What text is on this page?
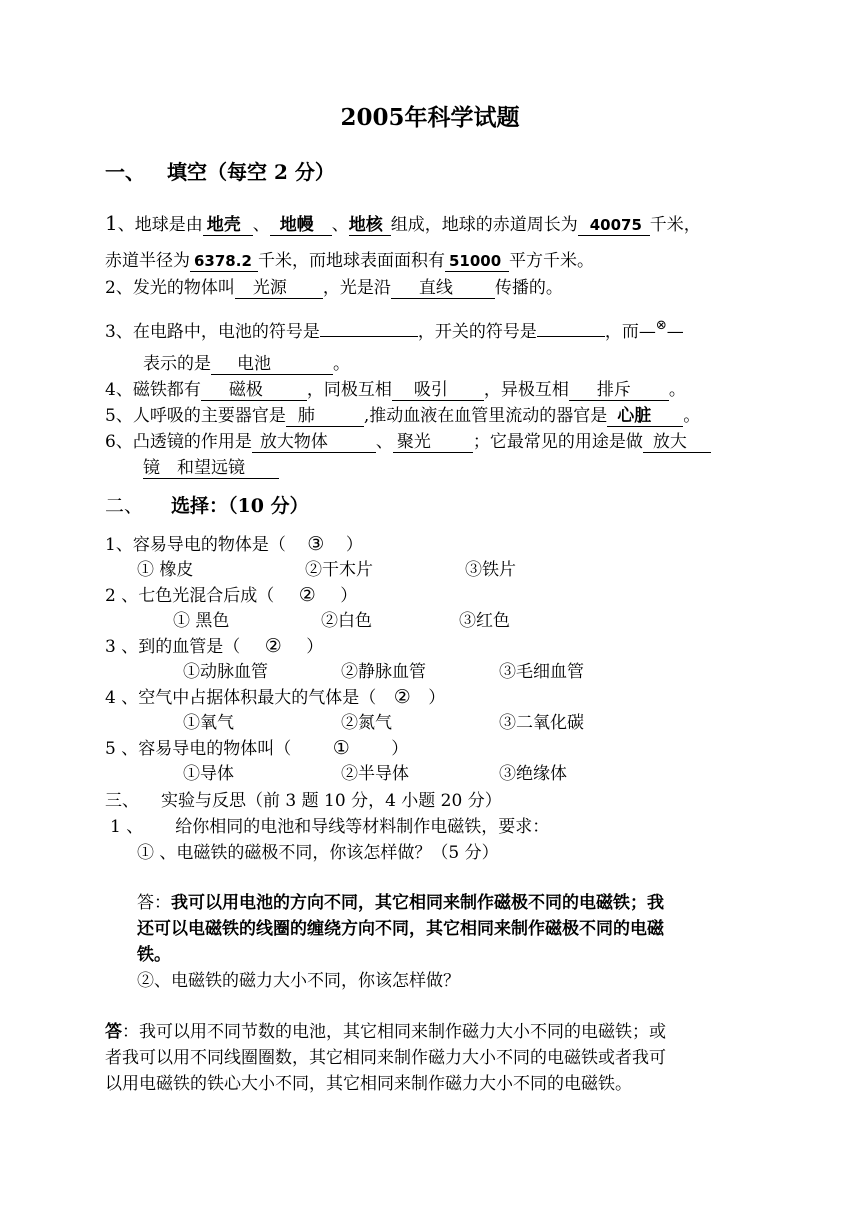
2005年科学试题
一、 填空（每空 2 分）
1、地球是由 地壳 、 地幔 、地核 组成，地球的赤道周长为 40075 千米，
赤道半径为 6378.2 千米，而地球表面面积有 51000 平方千米。
2、发光的物体叫 光源 ，光是沿 直线 传播的。
3、在电路中，电池的符号是	，开关的符号是	，而—⊗—
表示的是 电池	。
4、磁铁都有 磁极	，同极互相 吸引 ，异极互相 排斥 。
5、人呼吸的主要器官是 肺	,推动血液在血管里流动的器官是 心脏 。
6、凸透镜的作用是 放大物体	、 聚光 ；它最常见的用途是做 放大
镜　和望远镜
二、 选择：（10 分）
1、容易导电的物体是（ ③ ）
① 橡皮	②干木片	③铁片
2 、七色光混合后成（ ② ）
① 黑色	②白色	③红色
3 、到的血管是（ ② ）
①动脉血管	②静脉血管	③毛细血管
4 、空气中占据体积最大的气体是（ ② ）
①氧气	②氮气	③二氧化碳
5 、容易导电的物体叫（ ① ）
①导体	②半导体	③绝缘体
三、 实验与反思（前 3 题 10 分，4 小题 20 分）
1 、 给你相同的电池和导线等材料制作电磁铁，要求：
① 、电磁铁的磁极不同，你该怎样做？（5 分）
答：我可以用电池的方向不同，其它相同来制作磁极不同的电磁铁；我
还可以电磁铁的线圈的缠绕方向不同，其它相同来制作磁极不同的电磁
铁。
②、电磁铁的磁力大小不同，你该怎样做？
答：我可以用不同节数的电池，其它相同来制作磁力大小不同的电磁铁；或
者我可以用不同线圈圈数，其它相同来制作磁力大小不同的电磁铁或者我可
以用电磁铁的铁心大小不同，其它相同来制作磁力大小不同的电磁铁。
